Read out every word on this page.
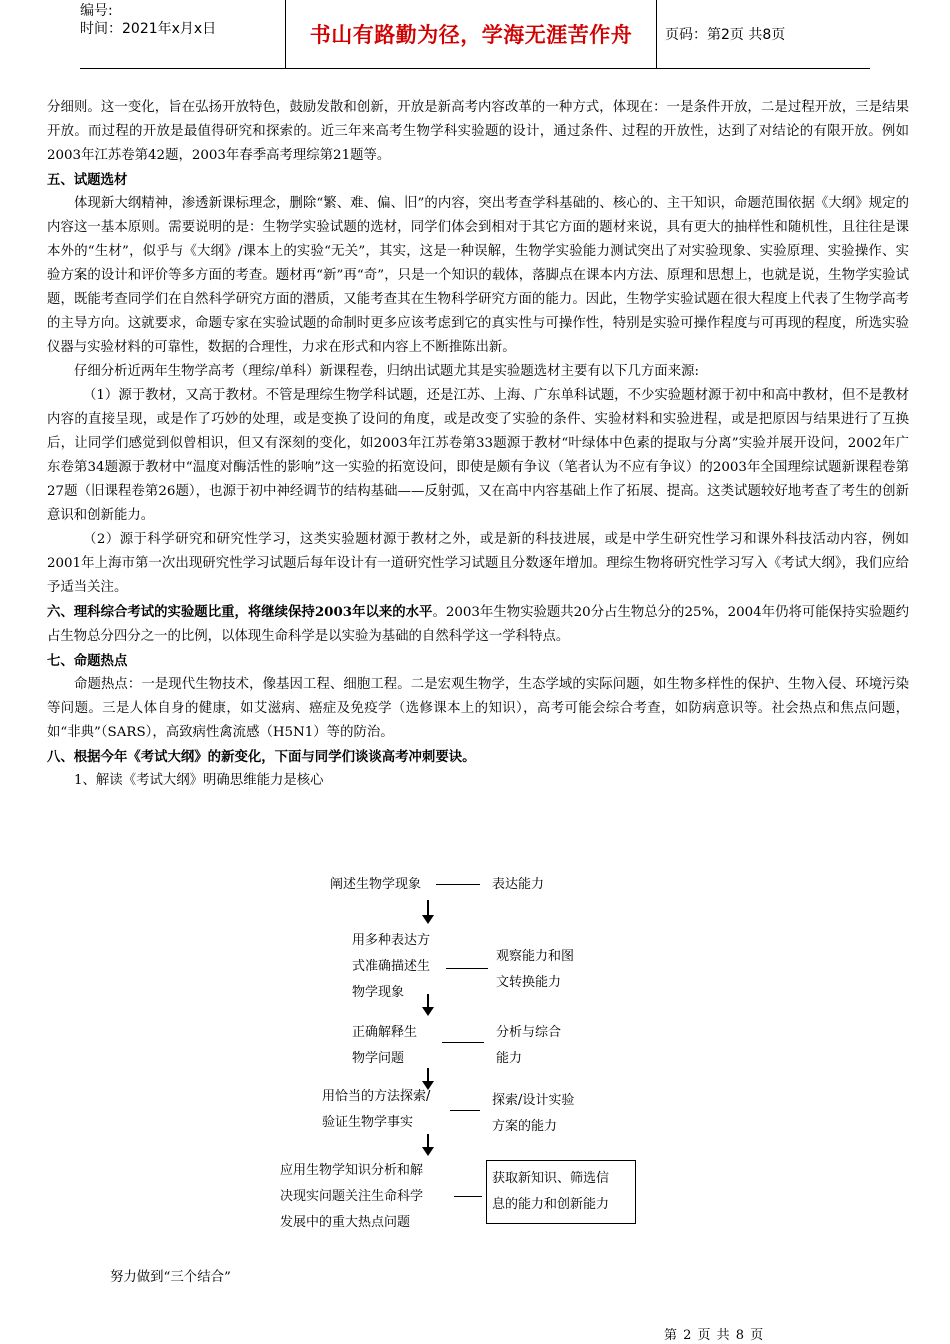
编号:
时间：2021年x月x日	书山有路勤为径，学海无涯苦作舟 页码：第2页 共8页

分细则。这一变化，旨在弘扬开放特色，鼓励发散和创新，开放是新高考内容改革的一种方式，体现在：一是条件开放，二是过程开放，三是结果开放。而过程的开放是最值得研究和探索的。近三年来高考生物学科实验题的设计，通过条件、过程的开放性，达到了对结论的有限开放。例如2003年江苏卷第42题，2003年春季高考理综第21题等。

五、试题选材

体现新大纲精神，渗透新课标理念，删除“繁、难、偏、旧”的内容，突出考查学科基础的、核心的、主干知识，命题范围依据《大纲》规定的内容这一基本原则。需要说明的是：生物学实验试题的选材，同学们体会到相对于其它方面的题材来说，具有更大的抽样性和随机性，且往往是课本外的“生材”，似乎与《大纲》/课本上的实验“无关”，其实，这是一种误解，生物学实验能力测试突出了对实验现象、实验原理、实验操作、实验方案的设计和评价等多方面的考查。题材再“新”再“奇”，只是一个知识的载体，落脚点在课本内方法、原理和思想上，也就是说，生物学实验试题，既能考查同学们在自然科学研究方面的潜质，又能考查其在生物科学研究方面的能力。因此，生物学实验试题在很大程度上代表了生物学高考的主导方向。这就要求，命题专家在实验试题的命制时更多应该考虑到它的真实性与可操作性，特别是实验可操作程度与可再现的程度，所选实验仪器与实验材料的可靠性，数据的合理性，力求在形式和内容上不断推陈出新。

仔细分析近两年生物学高考（理综/单科）新课程卷，归纳出试题尤其是实验题选材主要有以下几方面来源:

（1）源于教材，又高于教材。不管是理综生物学科试题，还是江苏、上海、广东单科试题，不少实验题材源于初中和高中教材，但不是教材内容的直接呈现，或是作了巧妙的处理，或是变换了设问的角度，或是改变了实验的条件、实验材料和实验进程，或是把原因与结果进行了互换后，让同学们感觉到似曾相识，但又有深刻的变化，如2003年江苏卷第33题源于教材“叶绿体中色素的提取与分离”实验并展开设问，2002年广东卷第34题源于教材中“温度对酶活性的影响”这一实验的拓宽设问，即使是颇有争议（笔者认为不应有争议）的2003年全国理综试题新课程卷第27题（旧课程卷第26题），也源于初中神经调节的结构基础——反射弧，又在高中内容基础上作了拓展、提高。这类试题较好地考查了考生的创新意识和创新能力。

（2）源于科学研究和研究性学习，这类实验题材源于教材之外，或是新的科技进展，或是中学生研究性学习和课外科技活动内容，例如2001年上海市第一次出现研究性学习试题后每年设计有一道研究性学习试题且分数逐年增加。理综生物将研究性学习写入《考试大纲》，我们应给予适当关注。

六、理科综合考试的实验题比重，将继续保持2003年以来的水平。2003年生物实验题共20分占生物总分的25%，2004年仍将可能保持实验题约占生物总分四分之一的比例，以体现生命科学是以实验为基础的自然科学这一学科特点。

七、命题热点

命题热点：一是现代生物技术，像基因工程、细胞工程。二是宏观生物学，生态学域的实际问题，如生物多样性的保护、生物入侵、环境污染等问题。三是人体自身的健康，如艾滋病、癌症及免疫学（选修课本上的知识），高考可能会综合考查，如防病意识等。社会热点和焦点问题，如“非典”（SARS），高致病性禽流感（H5N1）等的防治。

八、根据今年《考试大纲》的新变化，下面与同学们谈谈高考冲刺要诀。

1、解读《考试大纲》明确思维能力是核心

阐述生物学现象	表达能力
用多种表达方
式准确描述生
物学现象
观察能力和图
文转换能力
正确解释生
物学问题
分析与综合
能力
用恰当的方法探索/
验证生物学事实
探索/设计实验
方案的能力
应用生物学知识分析和解
决现实问题关注生命科学
发展中的重大热点问题
获取新知识、筛选信
息的能力和创新能力
努力做到“三个结合”
第 2 页 共 8 页
